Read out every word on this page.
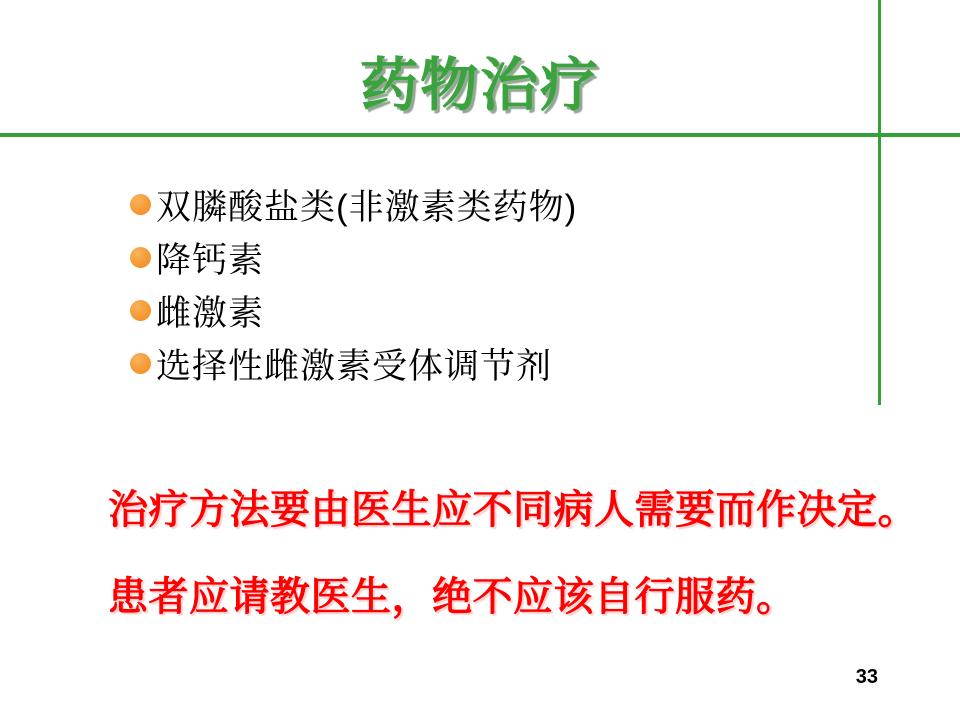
药物治疗
双膦酸盐类(非激素类药物)
降钙素
雌激素
选择性雌激素受体调节剂
治疗方法要由医生应不同病人需要而作决定。
患者应请教医生，绝不应该自行服药。
33
